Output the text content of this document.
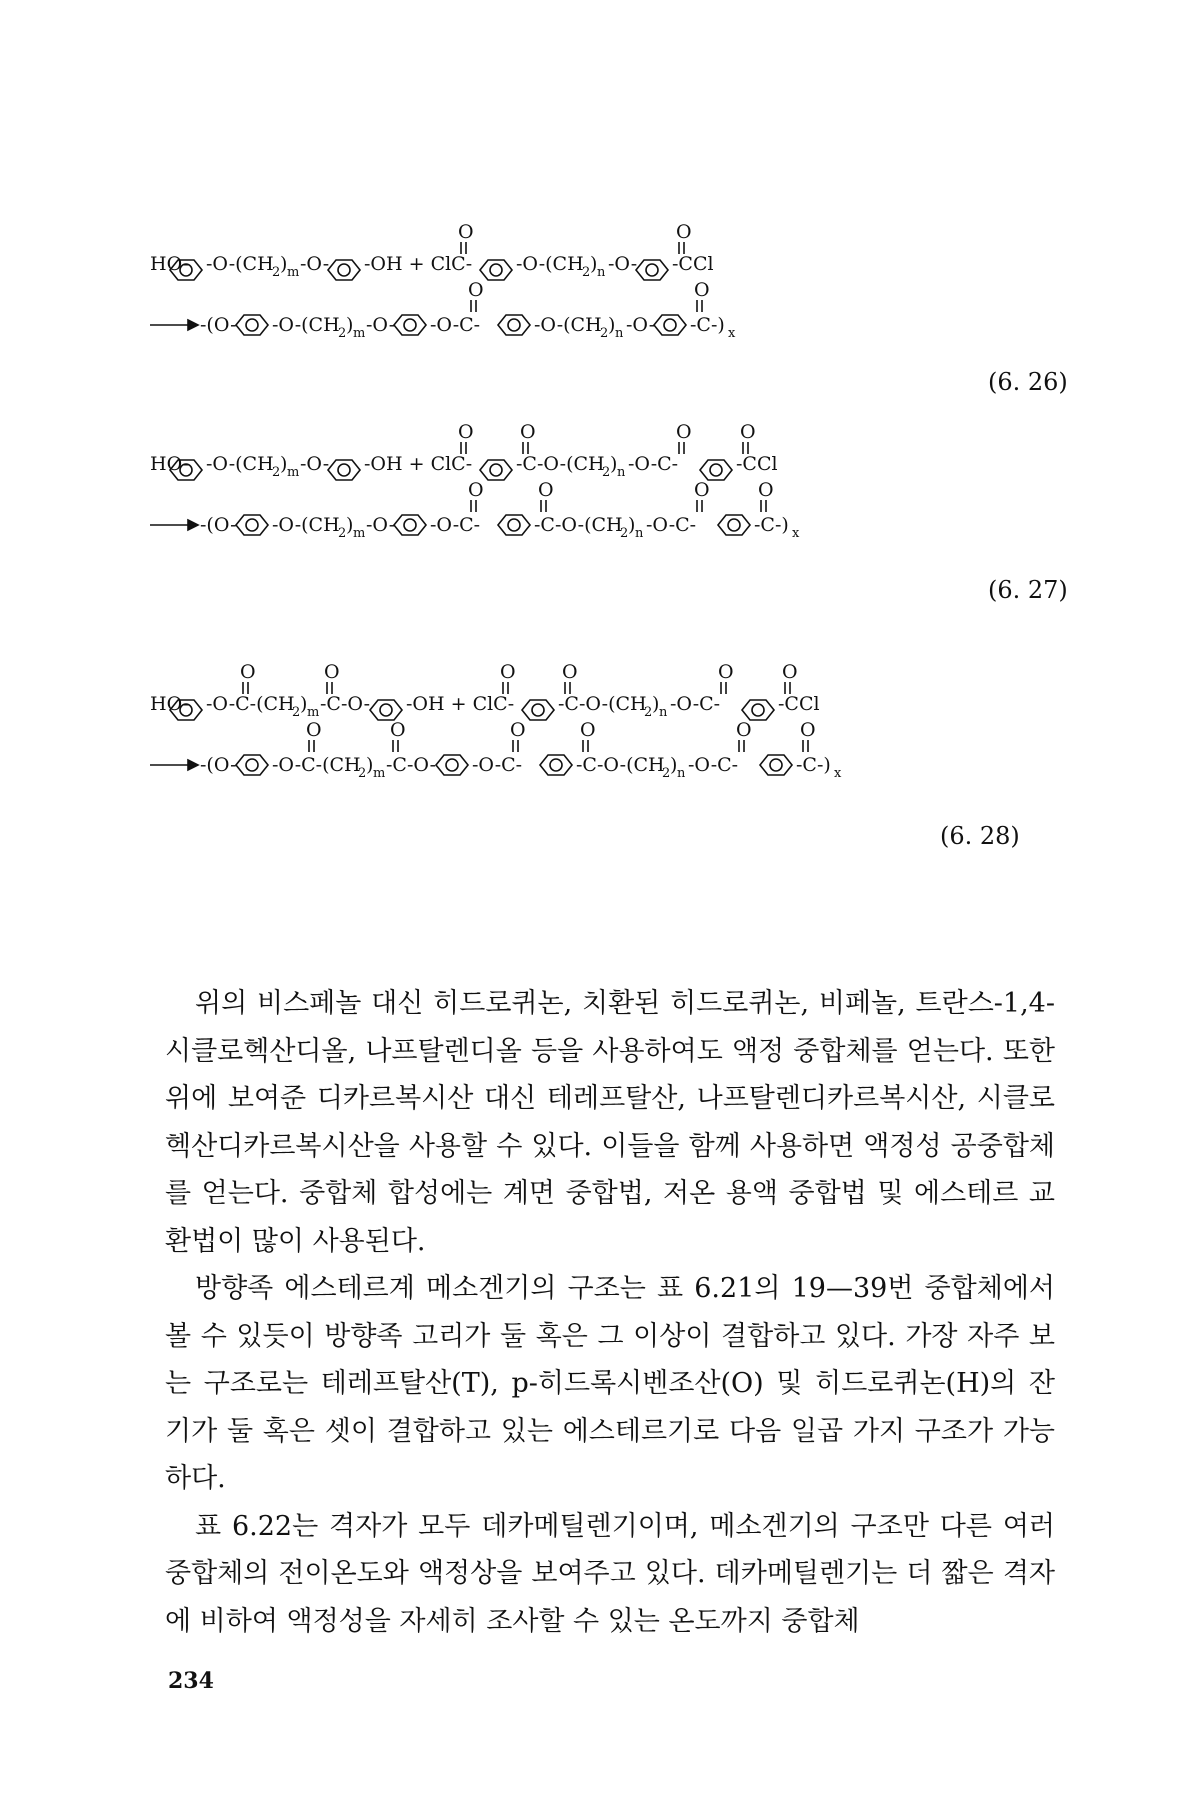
HO- -O-(CH
2 ) m -O- -OH + ClC-
O
-O-(CH
2 ) n -O- -CCl
O
-(O- -O-(CH
2 ) m -O- -O-C-
O
-O-(CH
2 ) n -O- -C-) x
O
(6. 26)
HO- -O-(CH
2 ) m -O- -OH + ClC-
O
-C-O-(CH
2 ) n -O-C-
O	O
-CCl
O
-(O- -O-(CH
2 ) m -O- -O-C-
O
-C-O-(CH
2 ) n -O-C-
O	O
-C-) x
O
(6. 27)
HO- -O-C-(CH
2 ) m -C-O-
O	O
-OH + ClC-
O
-C-O-(CH
2 ) n -O-C-
O	O
-CCl
O
-(O- -O-C-(CH
2 ) m -C-O-
O	O
-O-C-
O
-C-O-(CH
2 ) n -O-C-
O	O
-C-) x
O
(6. 28)

위의 비스페놀 대신 히드로퀴논, 치환된 히드로퀴논, 비페놀, 트란스-1,4-시클로헥산디올, 나프탈렌디올 등을 사용하여도 액정 중합체를 얻는다. 또한 위에 보여준 디카르복시산 대신 테레프탈산, 나프탈렌디카르복시산, 시클로헥산디카르복시산을 사용할 수 있다. 이들을 함께 사용하면 액정성 공중합체를 얻는다. 중합체 합성에는 계면 중합법, 저온 용액 중합법 및 에스테르 교환법이 많이 사용된다.

방향족 에스테르계 메소겐기의 구조는 표 6.21의 19—39번 중합체에서 볼 수 있듯이 방향족 고리가 둘 혹은 그 이상이 결합하고 있다. 가장 자주 보는 구조로는 테레프탈산(T), p-히드록시벤조산(O) 및 히드로퀴논(H)의 잔기가 둘 혹은 셋이 결합하고 있는 에스테르기로 다음 일곱 가지 구조가 가능하다.

표 6.22는 격자가 모두 데카메틸렌기이며, 메소겐기의 구조만 다른 여러 중합체의 전이온도와 액정상을 보여주고 있다. 데카메틸렌기는 더 짧은 격자에 비하여 액정성을 자세히 조사할 수 있는 온도까지 중합체

234
